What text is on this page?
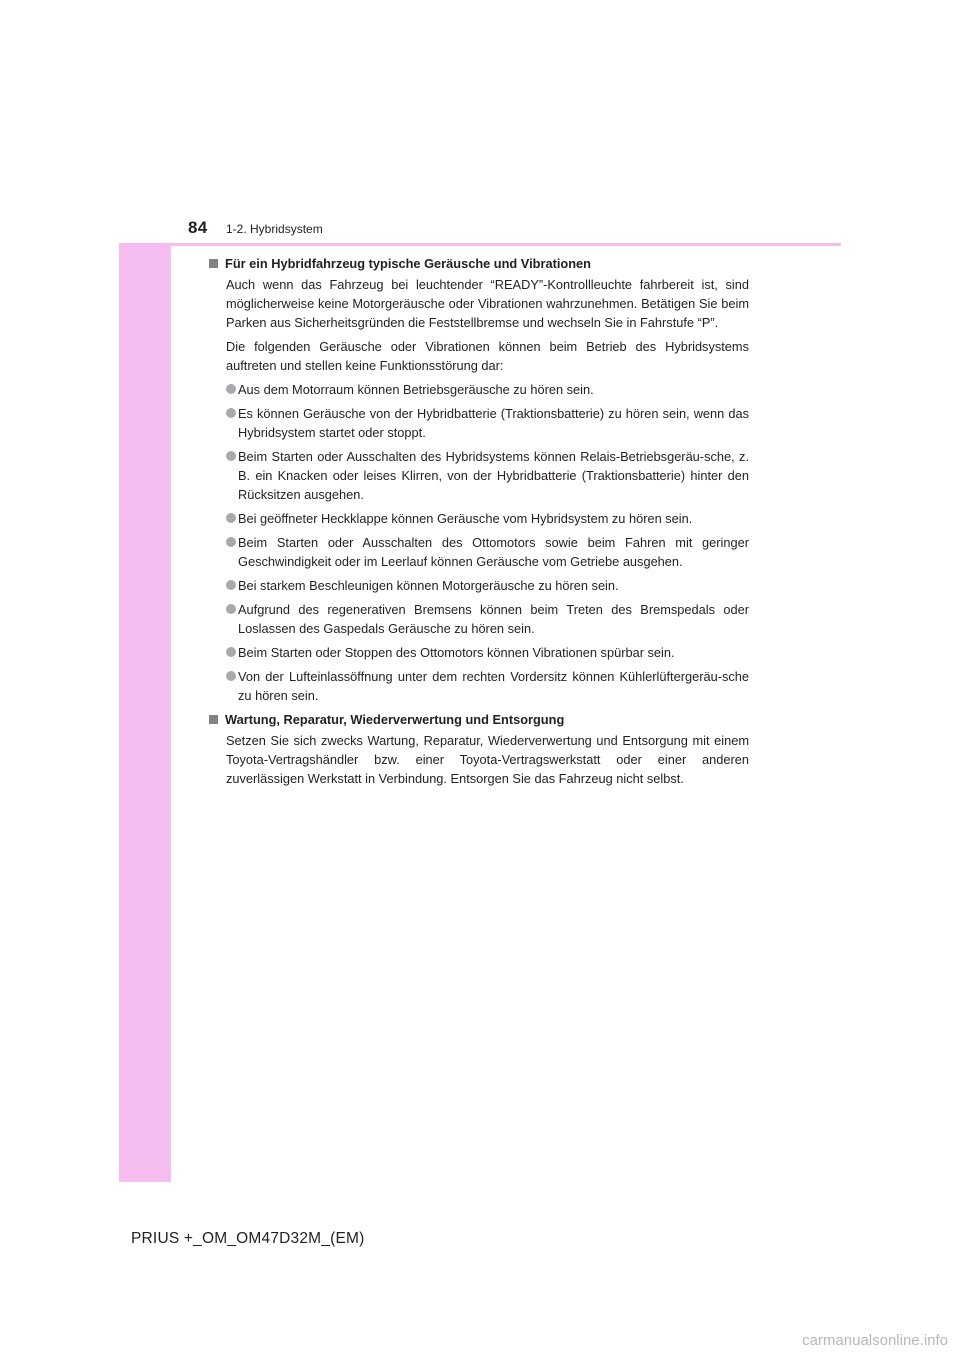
84 1-2. Hybridsystem
Für ein Hybridfahrzeug typische Geräusche und Vibrationen

Auch wenn das Fahrzeug bei leuchtender “READY”-Kontrollleuchte fahrbereit ist, sind möglicherweise keine Motorgeräusche oder Vibrationen wahrzunehmen. Betätigen Sie beim Parken aus Sicherheitsgründen die Feststellbremse und wechseln Sie in Fahrstufe “P”.

Die folgenden Geräusche oder Vibrationen können beim Betrieb des Hybridsystems auftreten und stellen keine Funktionsstörung dar:

Aus dem Motorraum können Betriebsgeräusche zu hören sein.
Es können Geräusche von der Hybridbatterie (Traktionsbatterie) zu hören sein, wenn das Hybridsystem startet oder stoppt.
Beim Starten oder Ausschalten des Hybridsystems können Relais-Betriebsgeräu-sche, z. B. ein Knacken oder leises Klirren, von der Hybridbatterie (Traktionsbatterie) hinter den Rücksitzen ausgehen.
Bei geöffneter Heckklappe können Geräusche vom Hybridsystem zu hören sein.
Beim Starten oder Ausschalten des Ottomotors sowie beim Fahren mit geringer Geschwindigkeit oder im Leerlauf können Geräusche vom Getriebe ausgehen.
Bei starkem Beschleunigen können Motorgeräusche zu hören sein.
Aufgrund des regenerativen Bremsens können beim Treten des Bremspedals oder Loslassen des Gaspedals Geräusche zu hören sein.
Beim Starten oder Stoppen des Ottomotors können Vibrationen spürbar sein.
Von der Lufteinlassöffnung unter dem rechten Vordersitz können Kühlerlüftergeräu-sche zu hören sein.
Wartung, Reparatur, Wiederverwertung und Entsorgung

Setzen Sie sich zwecks Wartung, Reparatur, Wiederverwertung und Entsorgung mit einem Toyota-Vertragshändler bzw. einer Toyota-Vertragswerkstatt oder einer anderen zuverlässigen Werkstatt in Verbindung. Entsorgen Sie das Fahrzeug nicht selbst.

PRIUS +_OM_OM47D32M_(EM)
carmanualsonline.info
